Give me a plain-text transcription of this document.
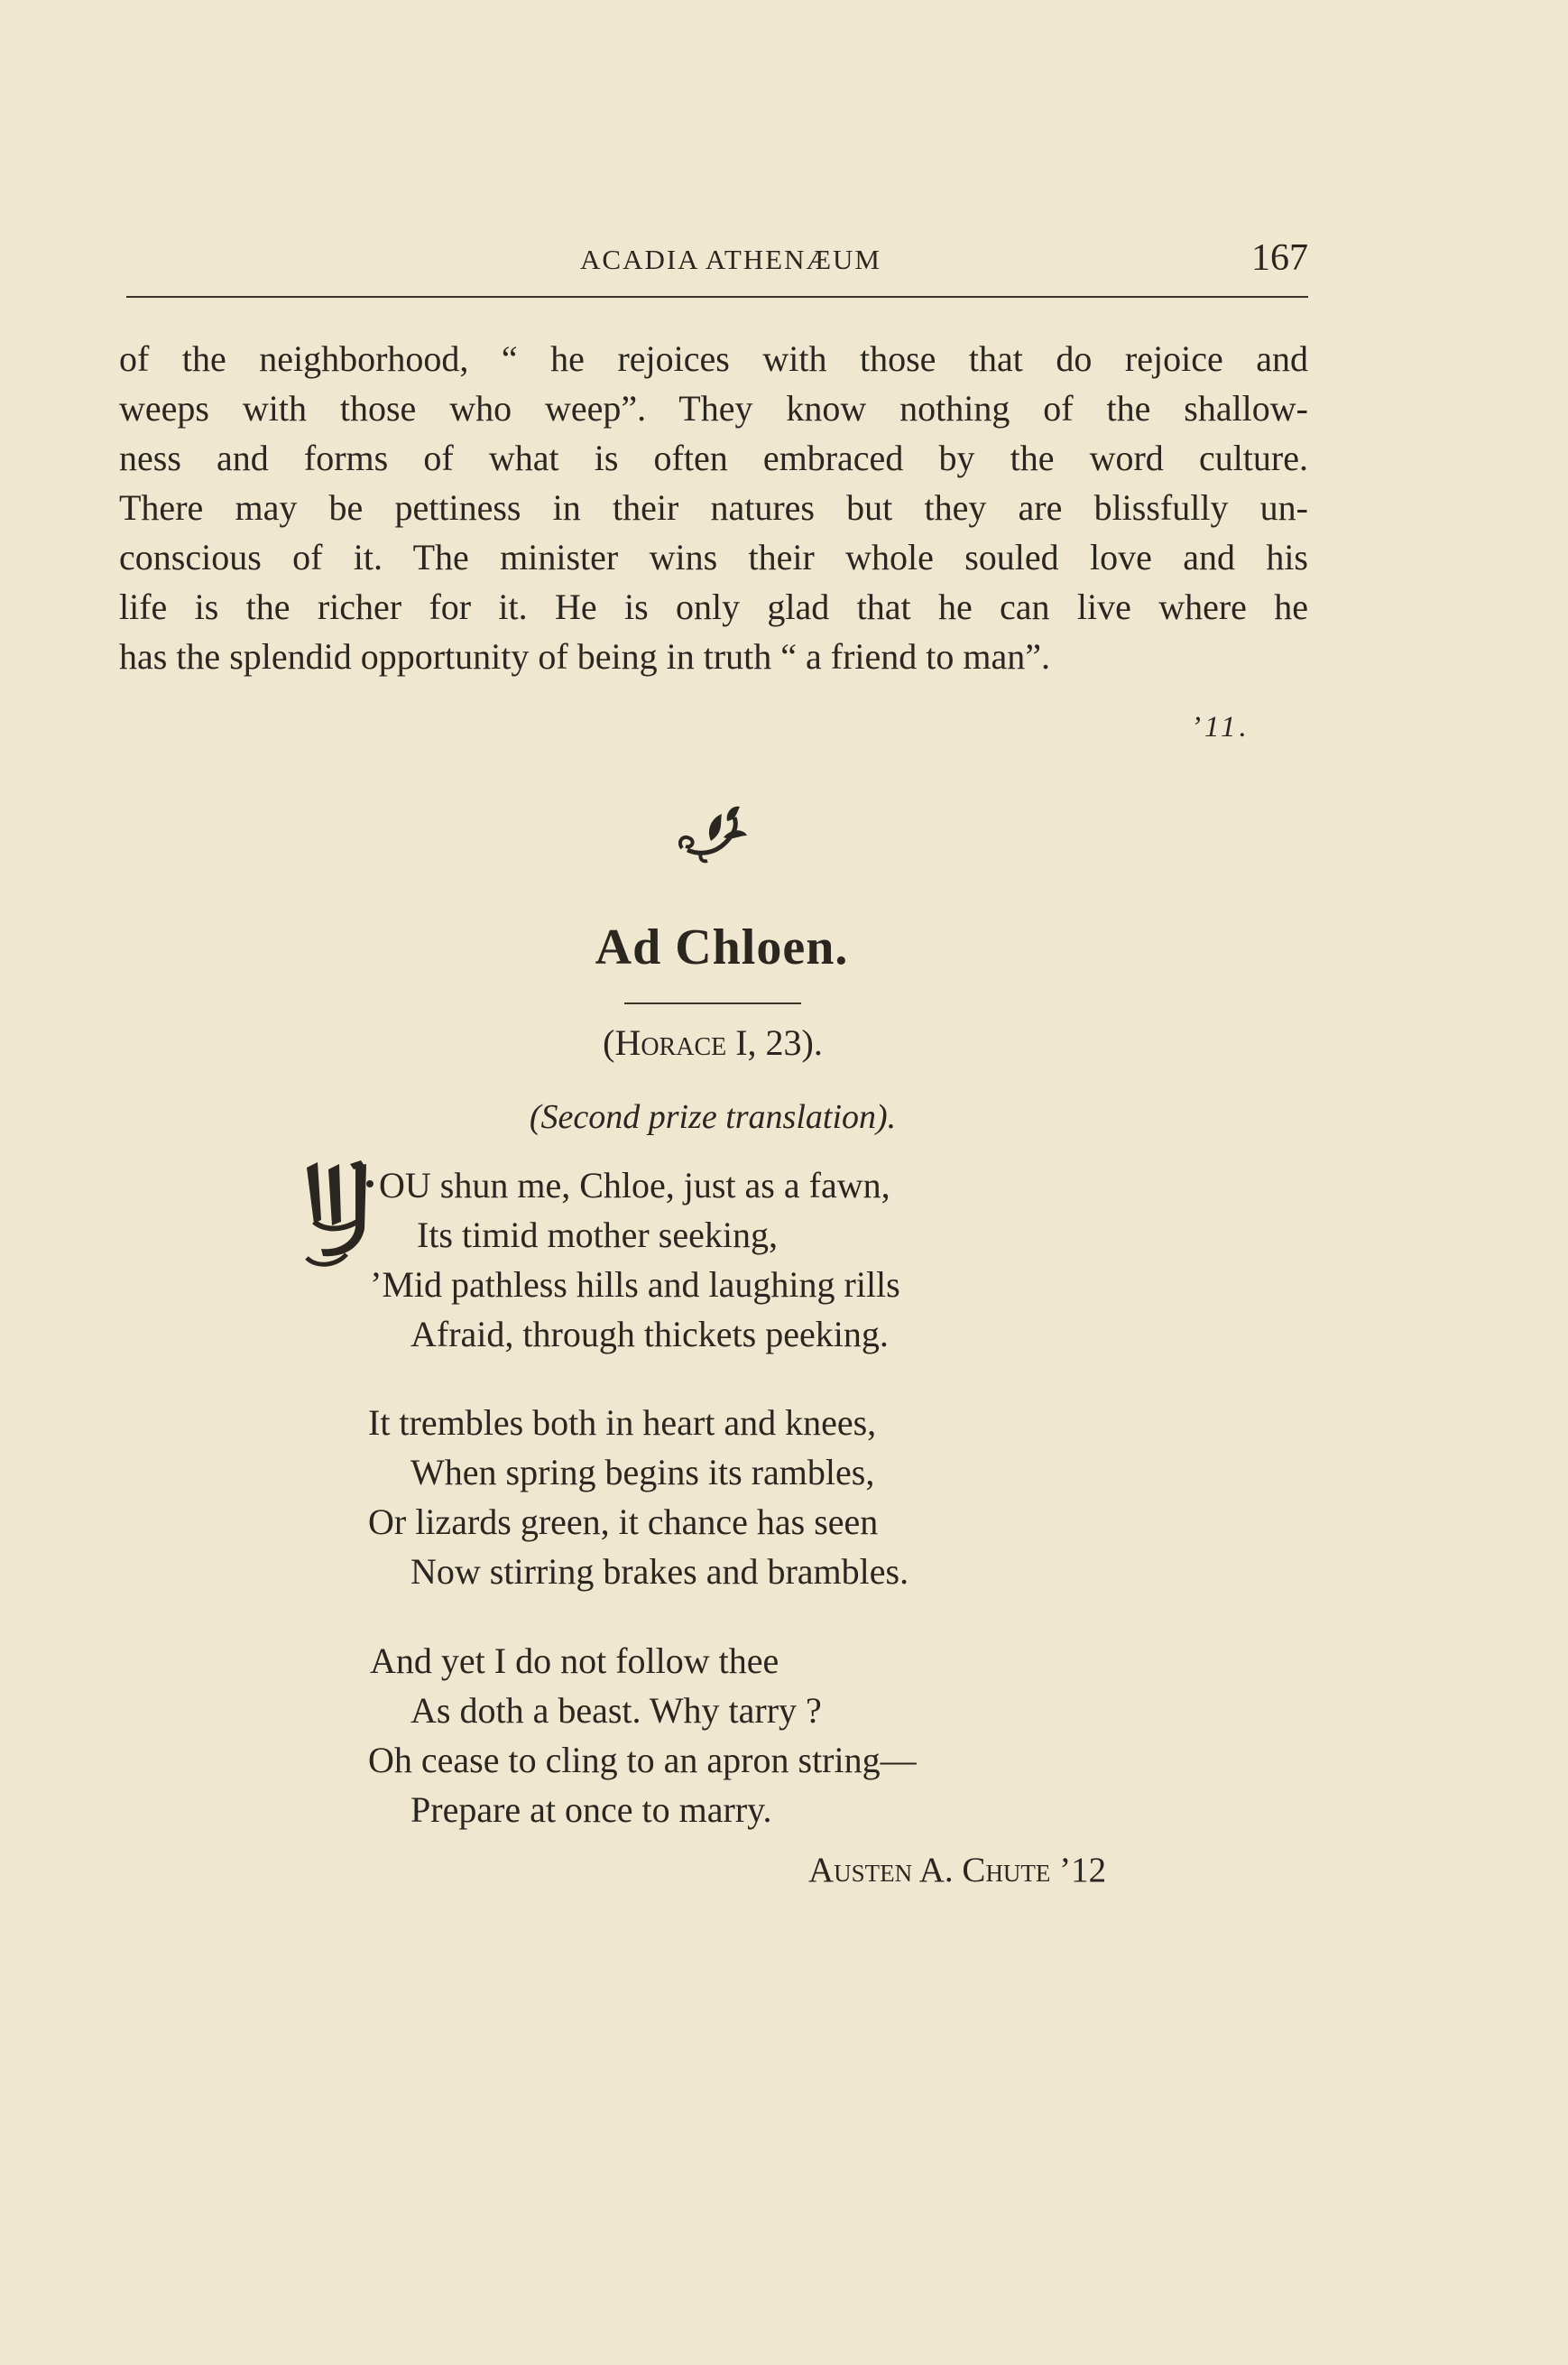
ACADIA ATHENÆUM	167
of the neighborhood, “ he rejoices with those that do rejoice and
weeps with those who weep”. They know nothing of the shallow-
ness and forms of what is often embraced by the word culture.
There may be pettiness in their natures but they are blissfully un-
conscious of it. The minister wins their whole souled love and his
life is the richer for it. He is only glad that he can live where he
has the splendid opportunity of being in truth “ a friend to man”.
’11.
Ad Chloen.
(Horace I, 23).
(Second prize translation).
OU shun me, Chloe, just as a fawn,
Its timid mother seeking,
’Mid pathless hills and laughing rills
Afraid, through thickets peeking.
It trembles both in heart and knees,
When spring begins its rambles,
Or lizards green, it chance has seen
Now stirring brakes and brambles.
And yet I do not follow thee
As doth a beast. Why tarry ?
Oh cease to cling to an apron string—
Prepare at once to marry.
Austen A. Chute ’12
